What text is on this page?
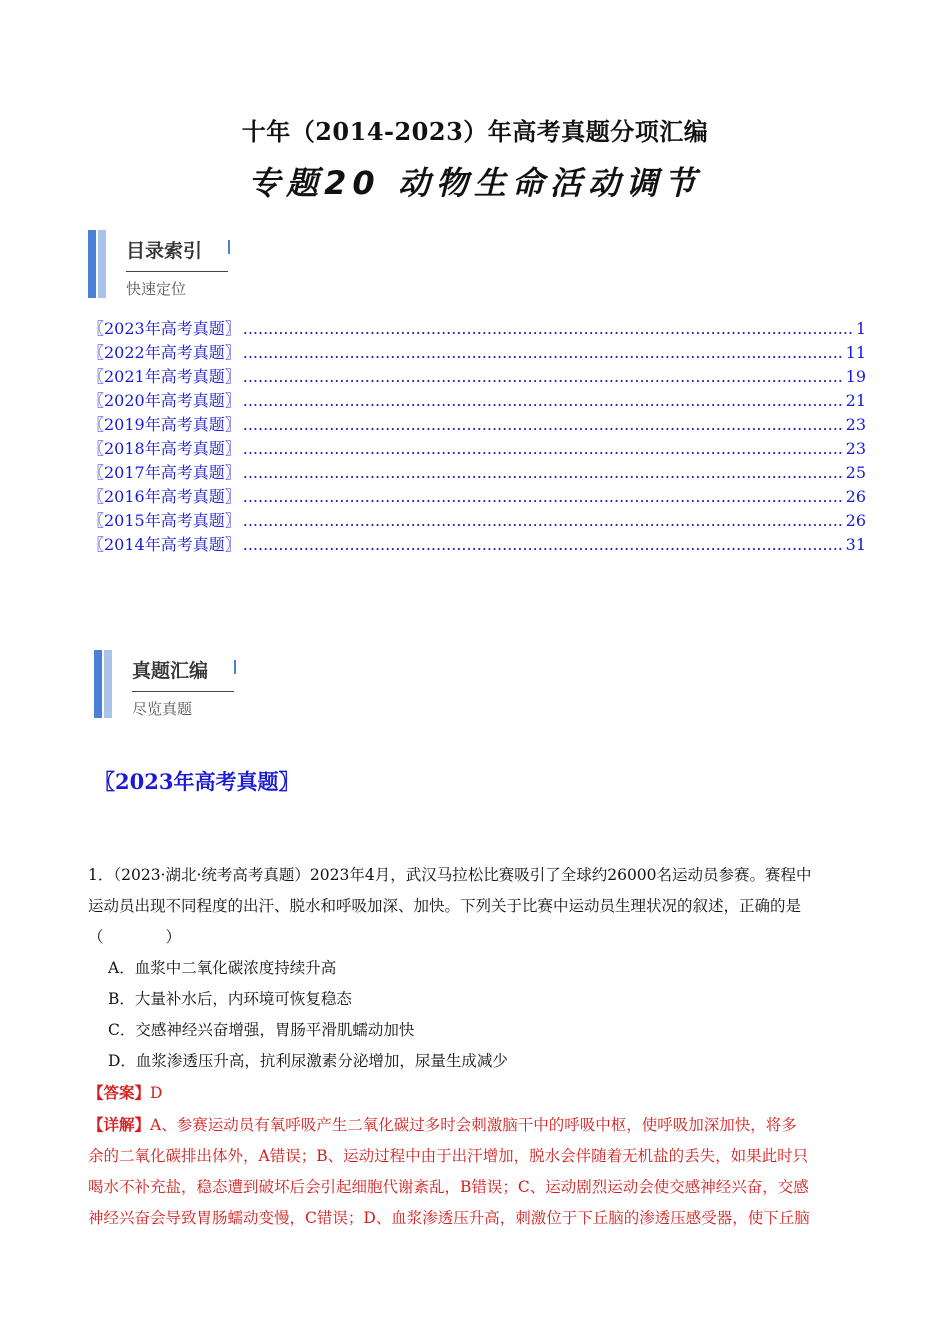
十年（2014-2023）年高考真题分项汇编
专题20 动物生命活动调节
目录索引
快速定位
〖2023年高考真题〗 .....	1
〖2022年高考真题〗 .....	11
〖2021年高考真题〗 .....	19
〖2020年高考真题〗 .....	21
〖2019年高考真题〗 .....	23
〖2018年高考真题〗 .....	23
〖2017年高考真题〗 .....	25
〖2016年高考真题〗 .....	26
〖2015年高考真题〗 .....	26
〖2014年高考真题〗 .....	31
真题汇编
尽览真题
〖2023年高考真题〗

1．（2023·湖北·统考高考真题）2023年4月，武汉马拉松比赛吸引了全球约26000名运动员参赛。赛程中

运动员出现不同程度的出汗、脱水和呼吸加深、加快。下列关于比赛中运动员生理状况的叙述，正确的是

（　　　　）

A．血浆中二氧化碳浓度持续升高

B．大量补水后，内环境可恢复稳态

C．交感神经兴奋增强，胃肠平滑肌蠕动加快

D．血浆渗透压升高，抗利尿激素分泌增加，尿量生成减少

【答案】D

【详解】A、参赛运动员有氧呼吸产生二氧化碳过多时会刺激脑干中的呼吸中枢，使呼吸加深加快，将多

余的二氧化碳排出体外，A错误；B、运动过程中由于出汗增加，脱水会伴随着无机盐的丢失，如果此时只

喝水不补充盐，稳态遭到破坏后会引起细胞代谢紊乱，B错误；C、运动剧烈运动会使交感神经兴奋，交感

神经兴奋会导致胃肠蠕动变慢，C错误；D、血浆渗透压升高，刺激位于下丘脑的渗透压感受器，使下丘脑
